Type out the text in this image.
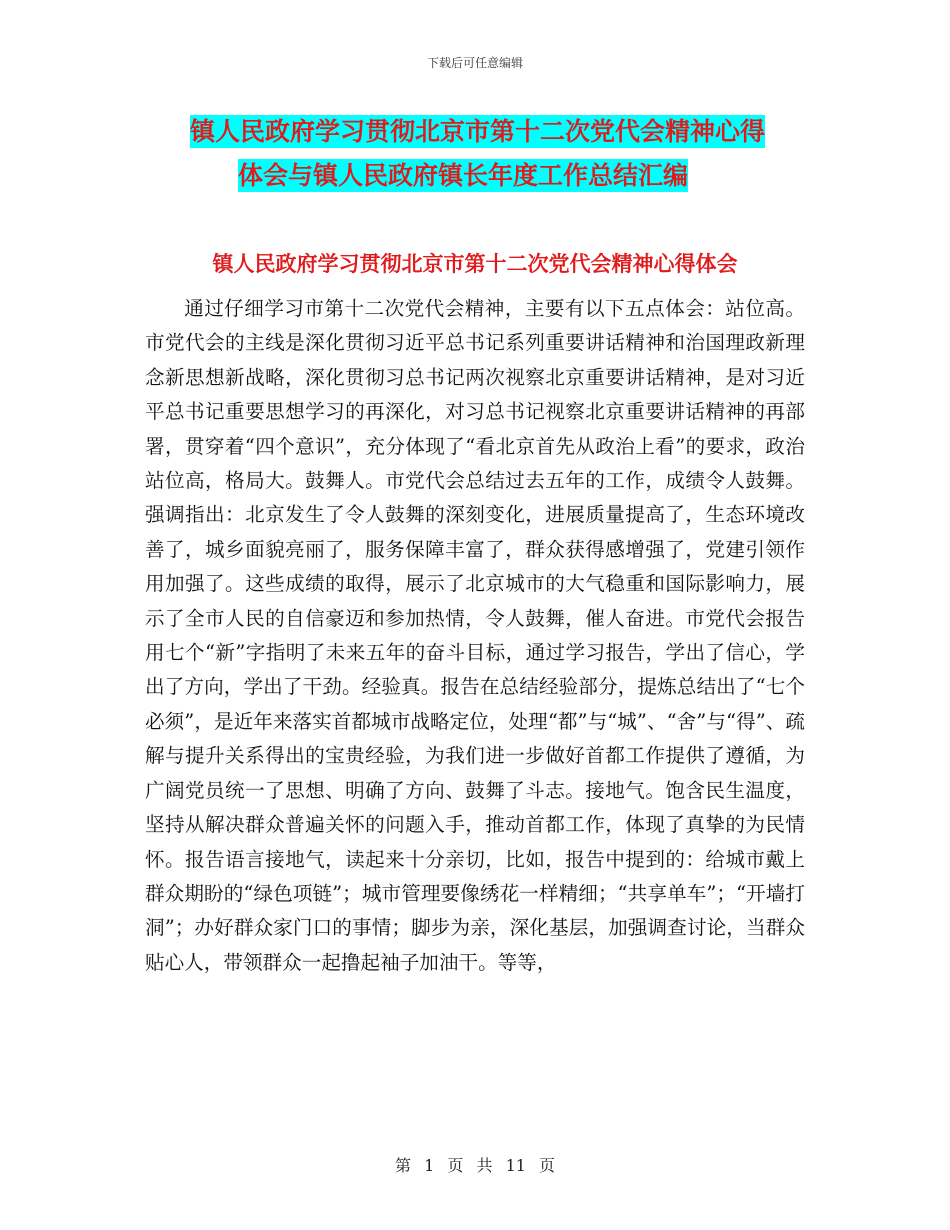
下载后可任意编辑
镇人民政府学习贯彻北京市第十二次党代会精神心得
体会与镇人民政府镇长年度工作总结汇编
镇人民政府学习贯彻北京市第十二次党代会精神心得体会

通过仔细学习市第十二次党代会精神，主要有以下五点体会：站位高。市党代会的主线是深化贯彻习近平总书记系列重要讲话精神和治国理政新理念新思想新战略，深化贯彻习总书记两次视察北京重要讲话精神，是对习近平总书记重要思想学习的再深化，对习总书记视察北京重要讲话精神的再部署，贯穿着“四个意识”，充分体现了“看北京首先从政治上看”的要求，政治站位高，格局大。鼓舞人。市党代会总结过去五年的工作，成绩令人鼓舞。强调指出：北京发生了令人鼓舞的深刻变化，进展质量提高了，生态环境改善了，城乡面貌亮丽了，服务保障丰富了，群众获得感增强了，党建引领作用加强了。这些成绩的取得，展示了北京城市的大气稳重和国际影响力，展示了全市人民的自信豪迈和参加热情，令人鼓舞，催人奋进。市党代会报告用七个“新”字指明了未来五年的奋斗目标，通过学习报告，学出了信心，学出了方向，学出了干劲。经验真。报告在总结经验部分，提炼总结出了“七个必须”，是近年来落实首都城市战略定位，处理“都”与“城”、“舍”与“得”、疏解与提升关系得出的宝贵经验，为我们进一步做好首都工作提供了遵循，为广阔党员统一了思想、明确了方向、鼓舞了斗志。接地气。饱含民生温度，坚持从解决群众普遍关怀的问题入手，推动首都工作，体现了真挚的为民情怀。报告语言接地气，读起来十分亲切，比如，报告中提到的：给城市戴上群众期盼的“绿色项链”；城市管理要像绣花一样精细；“共享单车”；“开墙打洞”；办好群众家门口的事情；脚步为亲，深化基层，加强调查讨论，当群众贴心人，带领群众一起撸起袖子加油干。等等，

第 1 页 共 11 页
